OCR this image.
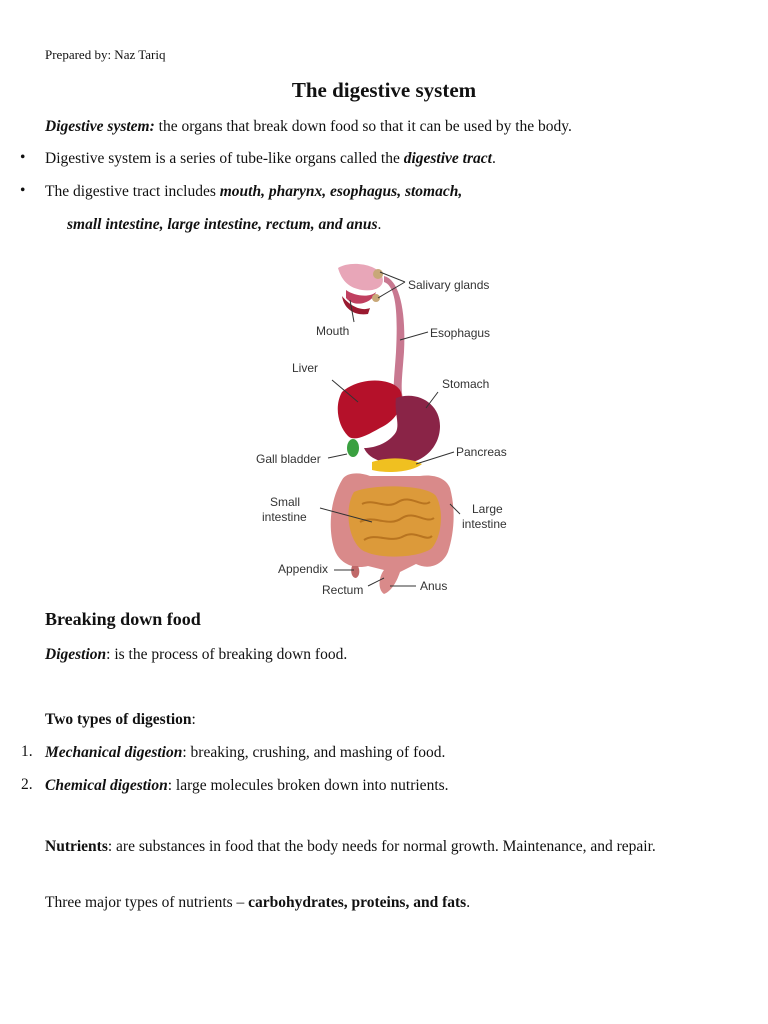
Prepared by: Naz Tariq
The digestive system
Digestive system: the organs that break down food so that it can be used by the body.
• Digestive system is a series of tube-like organs called the digestive tract.
• The digestive tract includes mouth, pharynx, esophagus, stomach,
small intestine, large intestine, rectum, and anus.
Salivary glands
Mouth	Esophagus
Liver
Stomach
Gall bladder	Pancreas
Small
intestine
Large
intestine
Appendix
Rectum	Anus
Breaking down food
Digestion: is the process of breaking down food.
Two types of digestion:
1. Mechanical digestion: breaking, crushing, and mashing of food.
2. Chemical digestion: large molecules broken down into nutrients.
Nutrients: are substances in food that the body needs for normal growth. Maintenance, and repair.
Three major types of nutrients – carbohydrates, proteins, and fats.
